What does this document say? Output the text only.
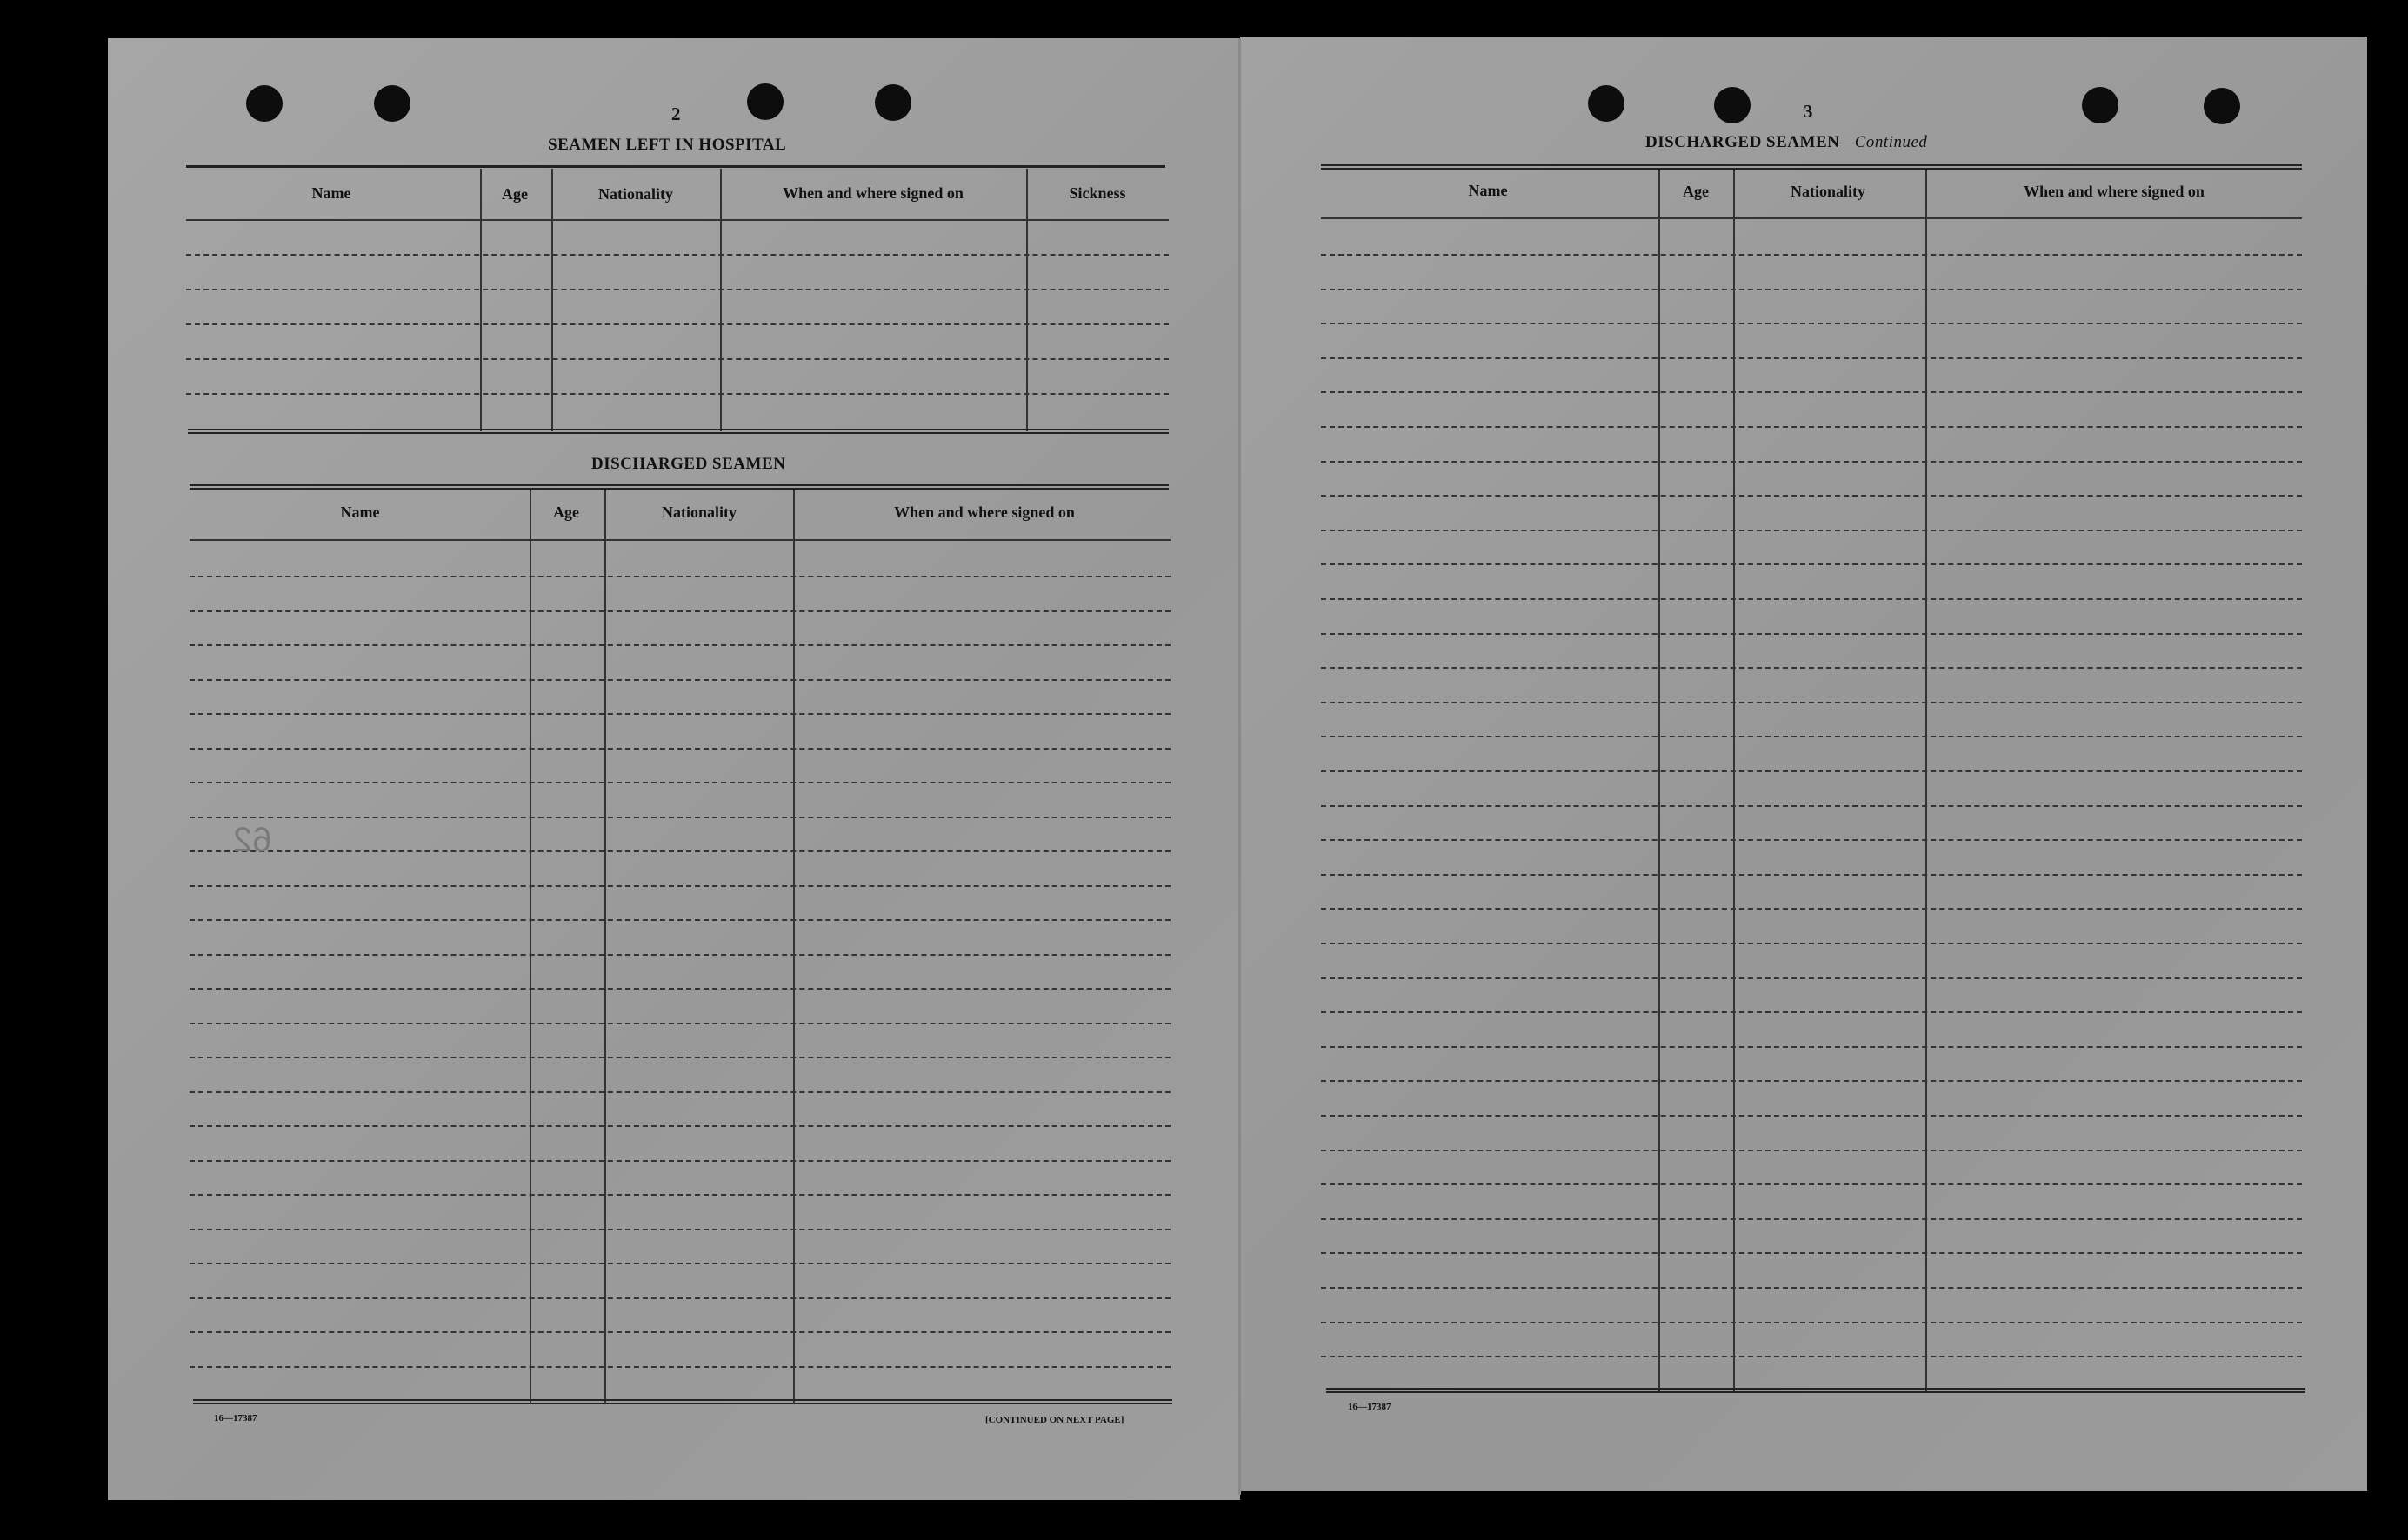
2
SEAMEN LEFT IN HOSPITAL
Name	Age	Nationality	When and where signed on	Sickness
DISCHARGED SEAMEN
Name	Age	Nationality	When and where signed on
62
16—17387	[CONTINUED ON NEXT PAGE]
3
DISCHARGED SEAMEN—Continued
Name	Age	Nationality	When and where signed on
16—17387
